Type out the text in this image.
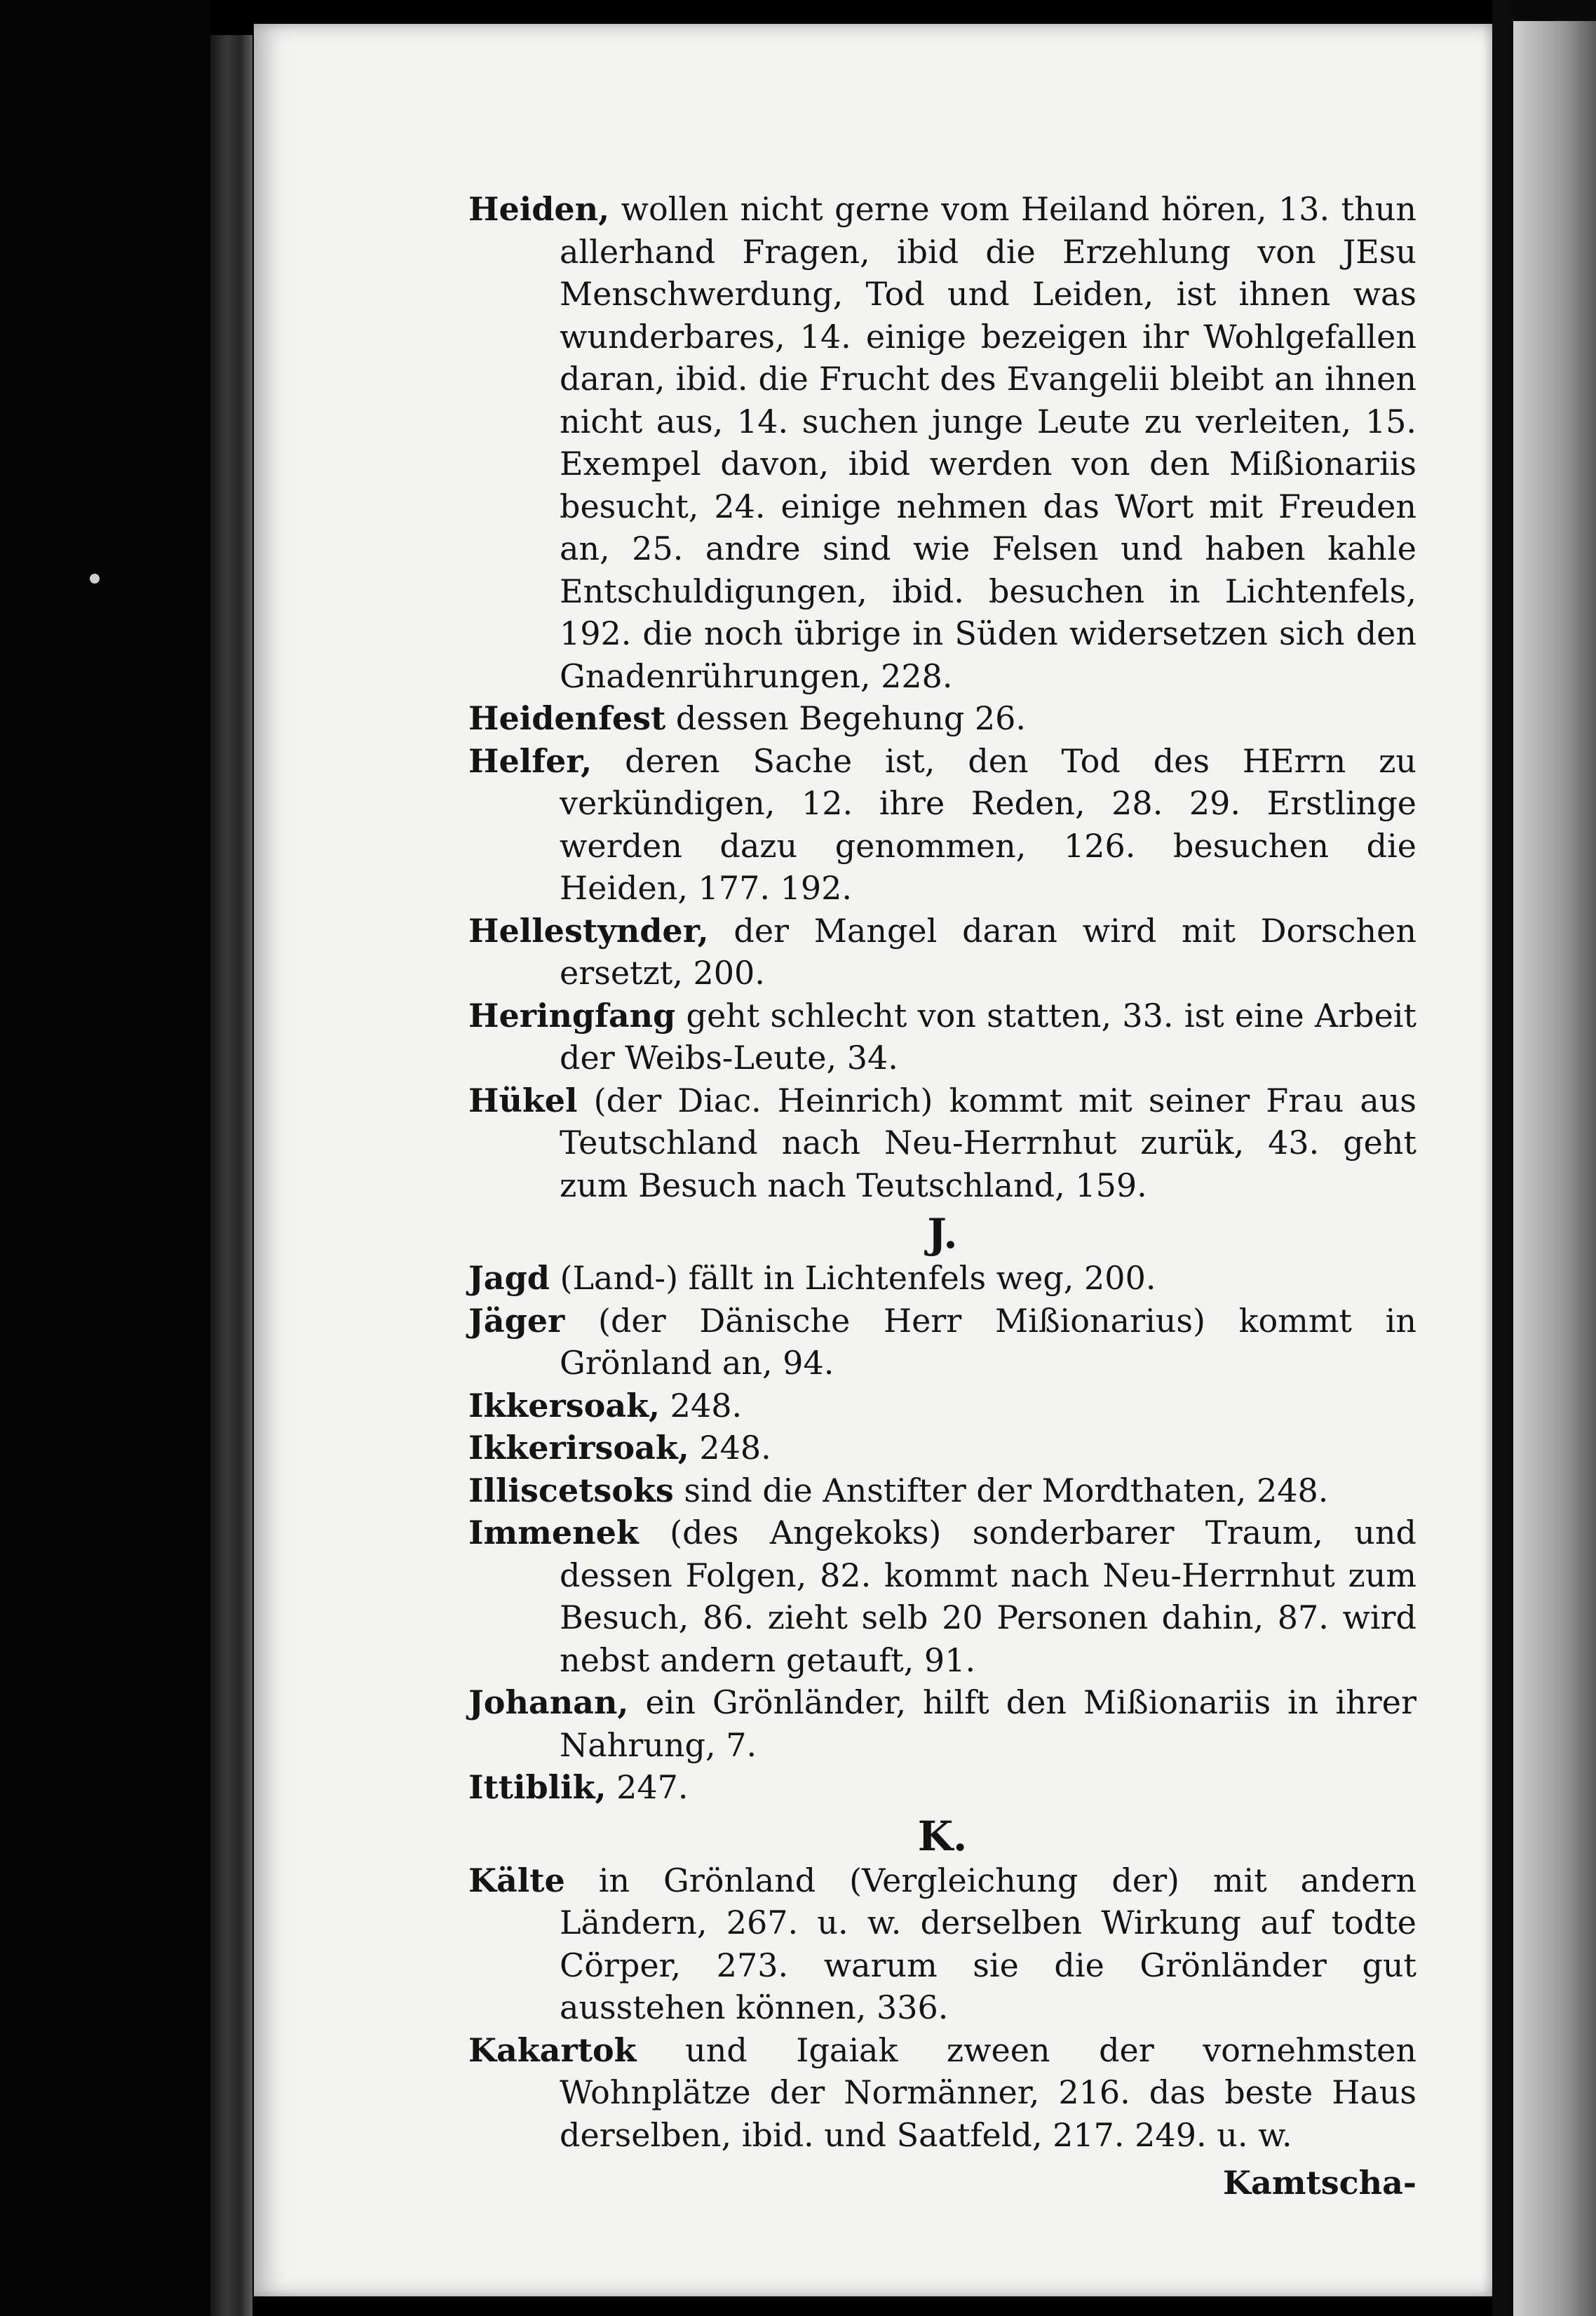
Heiden, wollen nicht gerne vom Heiland hören, 13. thun allerhand Fragen, ibid die Erzehlung von JEsu Menschwerdung, Tod und Leiden, ist ihnen was wunderbares, 14. einige bezeigen ihr Wohlgefallen daran, ibid. die Frucht des Evangelii bleibt an ihnen nicht aus, 14. suchen junge Leute zu verleiten, 15. Exempel davon, ibid werden von den Mißionariis besucht, 24. einige nehmen das Wort mit Freuden an, 25. andre sind wie Felsen und haben kahle Entschuldigungen, ibid. besuchen in Lichtenfels, 192. die noch übrige in Süden widersetzen sich den Gnadenrührungen, 228.

Heidenfest dessen Begehung 26.

Helfer, deren Sache ist, den Tod des HErrn zu verkündigen, 12. ihre Reden, 28. 29. Erstlinge werden dazu genommen, 126. besuchen die Heiden, 177. 192.

Hellestynder, der Mangel daran wird mit Dorschen ersetzt, 200.

Heringfang geht schlecht von statten, 33. ist eine Arbeit der Weibs-Leute, 34.

Hükel (der Diac. Heinrich) kommt mit seiner Frau aus Teutschland nach Neu-Herrnhut zurük, 43. geht zum Besuch nach Teutschland, 159.

J.

Jagd (Land-) fällt in Lichtenfels weg, 200.

Jäger (der Dänische Herr Mißionarius) kommt in Grönland an, 94.

Ikkersoak, 248.

Ikkerirsoak, 248.

Illiscetsoks sind die Anstifter der Mordthaten, 248.

Immenek (des Angekoks) sonderbarer Traum, und dessen Folgen, 82. kommt nach Neu-Herrnhut zum Besuch, 86. zieht selb 20 Personen dahin, 87. wird nebst andern getauft, 91.

Johanan, ein Grönländer, hilft den Mißionariis in ihrer Nahrung, 7.

Ittiblik, 247.

K.

Kälte in Grönland (Vergleichung der) mit andern Ländern, 267. u. w. derselben Wirkung auf todte Cörper, 273. warum sie die Grönländer gut ausstehen können, 336.

Kakartok und Igaiak zween der vornehmsten Wohnplätze der Normänner, 216. das beste Haus derselben, ibid. und Saatfeld, 217. 249. u. w.

Kamtscha-
